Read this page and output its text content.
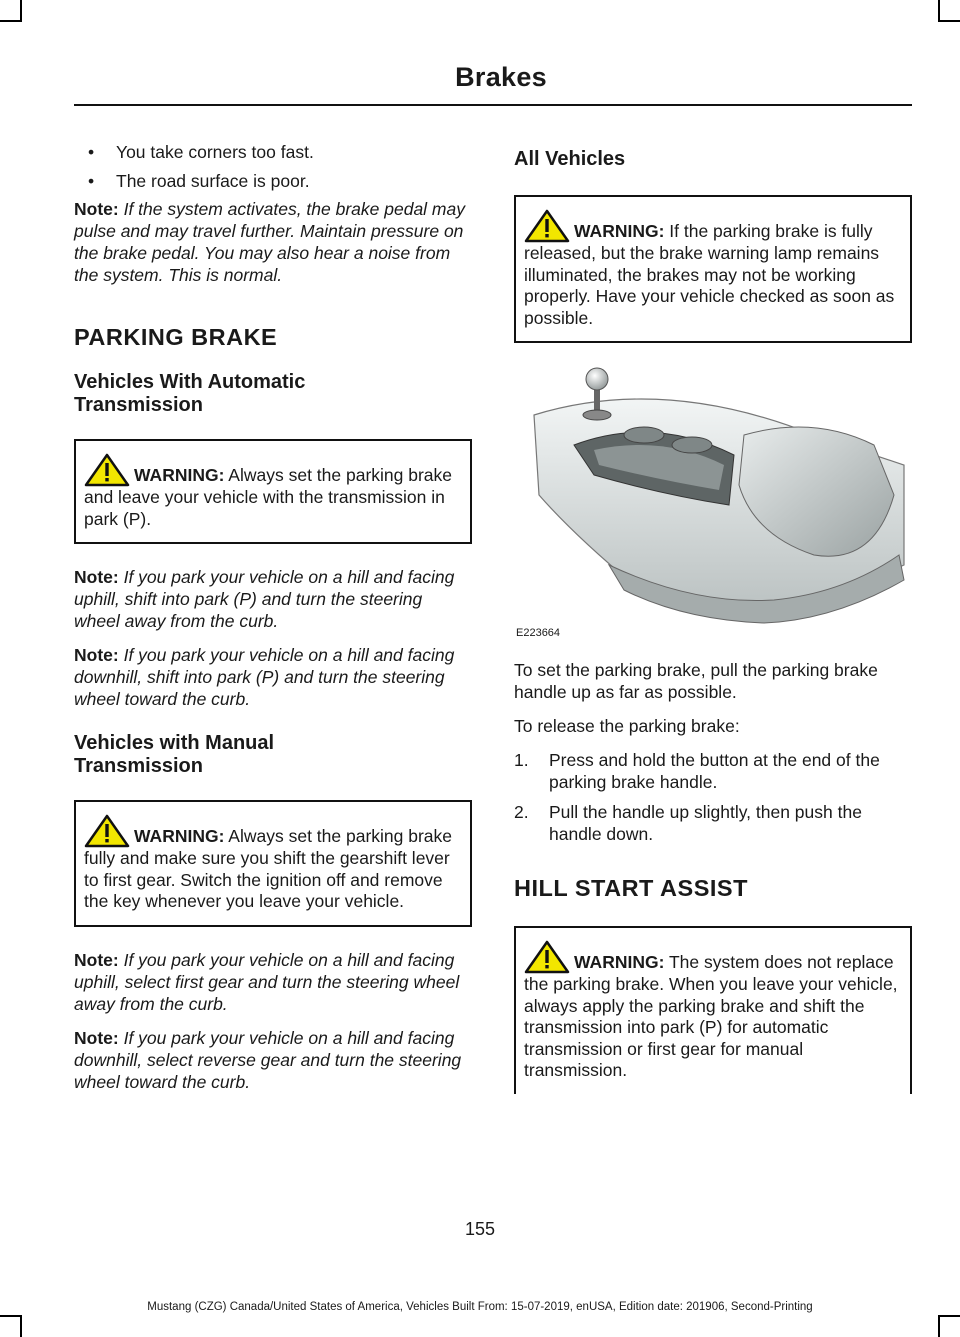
Brakes
•	You take corners too fast.
•	The road surface is poor.

Note: If the system activates, the brake pedal may pulse and may travel further. Maintain pressure on the brake pedal. You may also hear a noise from the system. This is normal.

PARKING BRAKE
Vehicles With Automatic Transmission
WARNING: Always set the parking brake and leave your vehicle with the transmission in park (P).

Note: If you park your vehicle on a hill and facing uphill, shift into park (P) and turn the steering wheel away from the curb.

Note: If you park your vehicle on a hill and facing downhill, shift into park (P) and turn the steering wheel toward the curb.

Vehicles with Manual Transmission
WARNING: Always set the parking brake fully and make sure you shift the gearshift lever to first gear. Switch the ignition off and remove the key whenever you leave your vehicle.

Note: If you park your vehicle on a hill and facing uphill, select first gear and turn the steering wheel away from the curb.

Note: If you park your vehicle on a hill and facing downhill, select reverse gear and turn the steering wheel toward the curb.

All Vehicles
WARNING: If the parking brake is fully released, but the brake warning lamp remains illuminated, the brakes may not be working properly. Have your vehicle checked as soon as possible.
E223664

To set the parking brake, pull the parking brake handle up as far as possible.

To release the parking brake:

1.	Press and hold the button at the end of the parking brake handle.
2.	Pull the handle up slightly, then push the handle down.
HILL START ASSIST
WARNING: The system does not replace the parking brake. When you leave your vehicle, always apply the parking brake and shift the transmission into park (P) for automatic transmission or first gear for manual transmission.
155
Mustang (CZG) Canada/United States of America, Vehicles Built From: 15-07-2019, enUSA, Edition date: 201906, Second-Printing
